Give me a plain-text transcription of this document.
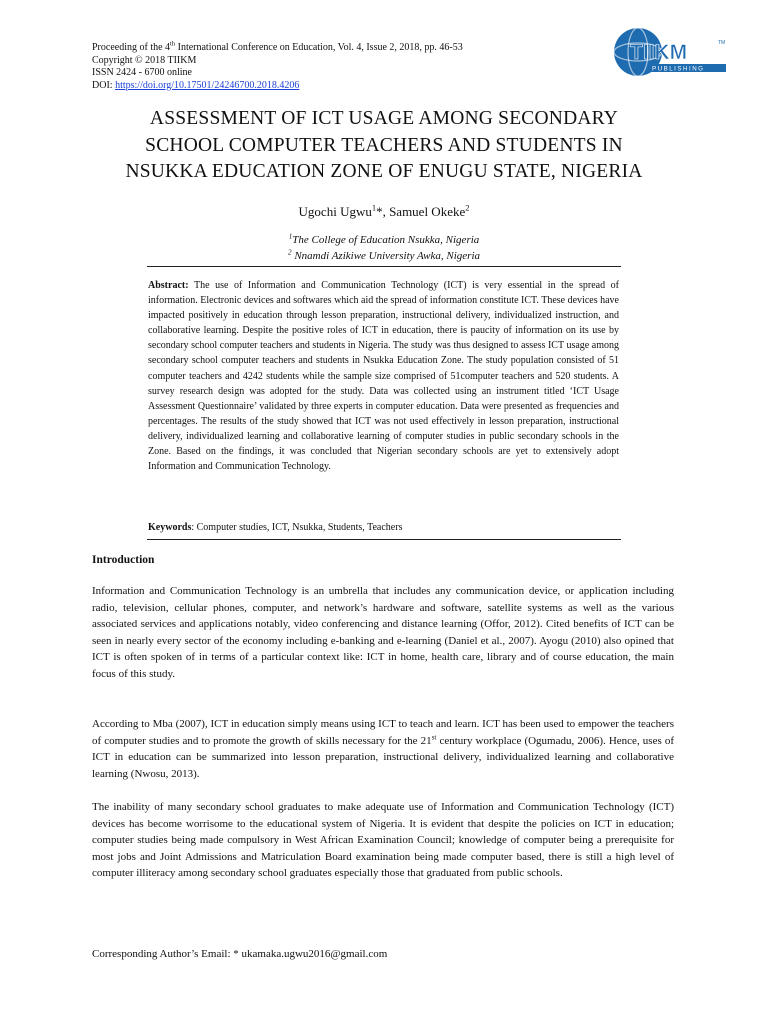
Proceeding of the 4th International Conference on Education, Vol. 4, Issue 2, 2018, pp. 46-53
Copyright © 2018 TIIKM
ISSN 2424 - 6700 online
DOI: https://doi.org/10.17501/24246700.2018.4206
TIIKM	TM
PUBLISHING
ASSESSMENT OF ICT USAGE AMONG SECONDARY
SCHOOL COMPUTER TEACHERS AND STUDENTS IN
NSUKKA EDUCATION ZONE OF ENUGU STATE, NIGERIA
Ugochi Ugwu$^1$*, Samuel Okeke$^2$
$^1$The College of Education Nsukka, Nigeria
$^2$ Nnamdi Azikiwe University Awka, Nigeria

Abstract: The use of Information and Communication Technology (ICT) is very essential in the spread of information. Electronic devices and softwares which aid the spread of information constitute ICT. These devices have impacted positively in education through lesson preparation, instructional delivery, individualized instruction, and collaborative learning. Despite the positive roles of ICT in education, there is paucity of information on its use by secondary school computer teachers and students in Nigeria. The study was thus designed to assess ICT usage among secondary school computer teachers and students in Nsukka Education Zone. The study population consisted of 51 computer teachers and 4242 students while the sample size comprised of 51computer teachers and 520 students. A survey research design was adopted for the study. Data was collected using an instrument titled ‘ICT Usage Assessment Questionnaire’ validated by three experts in computer education. Data were presented as frequencies and percentages. The results of the study showed that ICT was not used effectively in lesson preparation, instructional delivery, individualized learning and collaborative learning of computer studies in public secondary schools in the Zone. Based on the findings, it was concluded that Nigerian secondary schools are yet to extensively adopt Information and Communication Technology.

Keywords: Computer studies, ICT, Nsukka, Students, Teachers

Introduction

Information and Communication Technology is an umbrella that includes any communication device, or application including radio, television, cellular phones, computer, and network’s hardware and software, satellite systems as well as the various associated services and applications notably, video conferencing and distance learning (Offor, 2012). Cited benefits of ICT can be seen in nearly every sector of the economy including e-banking and e-learning (Daniel et al., 2007). Ayogu (2010) also opined that ICT is often spoken of in terms of a particular context like: ICT in home, health care, library and of course education, the main focus of this study.

According to Mba (2007), ICT in education simply means using ICT to teach and learn. ICT has been used to empower the teachers of computer studies and to promote the growth of skills necessary for the 21st century workplace (Ogumadu, 2006). Hence, uses of ICT in education can be summarized into lesson preparation, instructional delivery, individualized learning and collaborative learning (Nwosu, 2013).

The inability of many secondary school graduates to make adequate use of Information and Communication Technology (ICT) devices has become worrisome to the educational system of Nigeria. It is evident that despite the policies on ICT in education; computer studies being made compulsory in West African Examination Council; knowledge of computer being a prerequisite for most jobs and Joint Admissions and Matriculation Board examination being made computer based, there is still a high level of computer illiteracy among secondary school graduates especially those that graduated from public schools.

Corresponding Author’s Email: * ukamaka.ugwu2016@gmail.com
